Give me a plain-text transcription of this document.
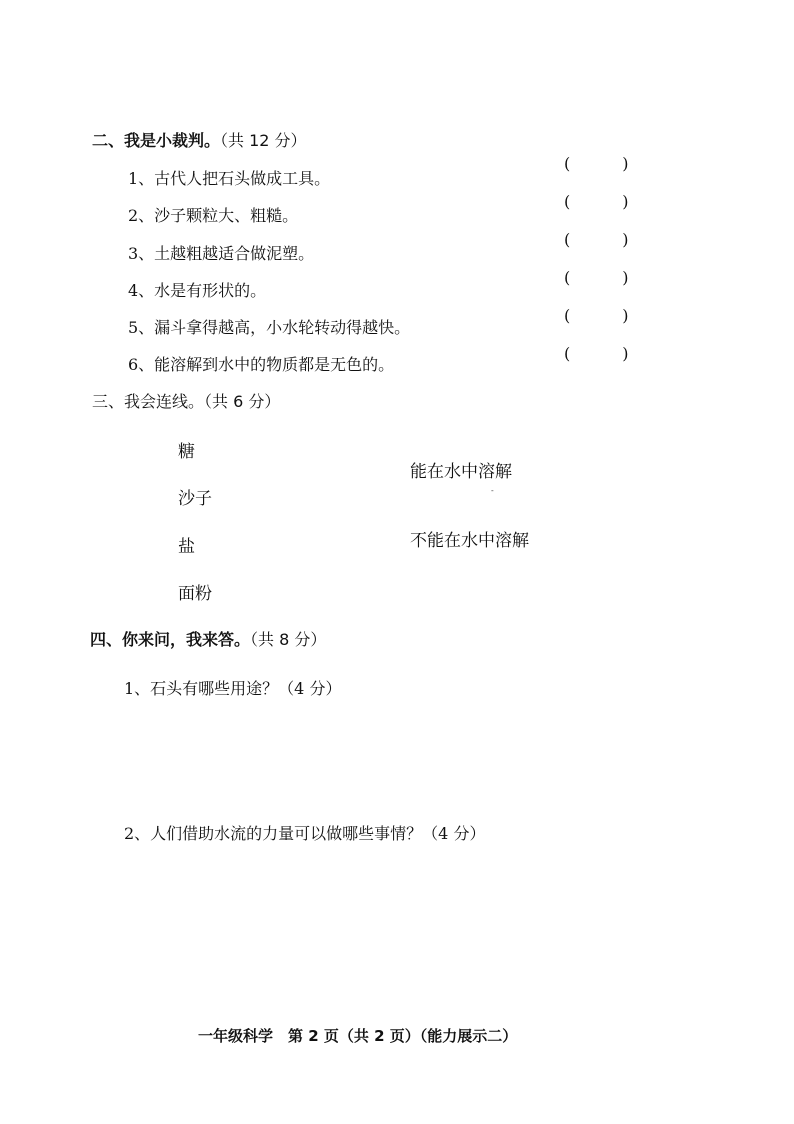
二、我是小裁判。（共 12 分）
1、古代人把石头做成工具。
(	)
2、沙子颗粒大、粗糙。
(	)
3、土越粗越适合做泥塑。
(	)
4、水是有形状的。
(	)
5、漏斗拿得越高，小水轮转动得越快。
(	)
6、能溶解到水中的物质都是无色的。
(	)
三、我会连线。（共 6 分）
糖
沙子
盐
面粉
能在水中溶解
-
不能在水中溶解
四、你来问，我来答。（共 8 分）
1、石头有哪些用途？（4 分）
2、人们借助水流的力量可以做哪些事情？（4 分）
一年级科学　第 2 页（共 2 页）（能力展示二）
